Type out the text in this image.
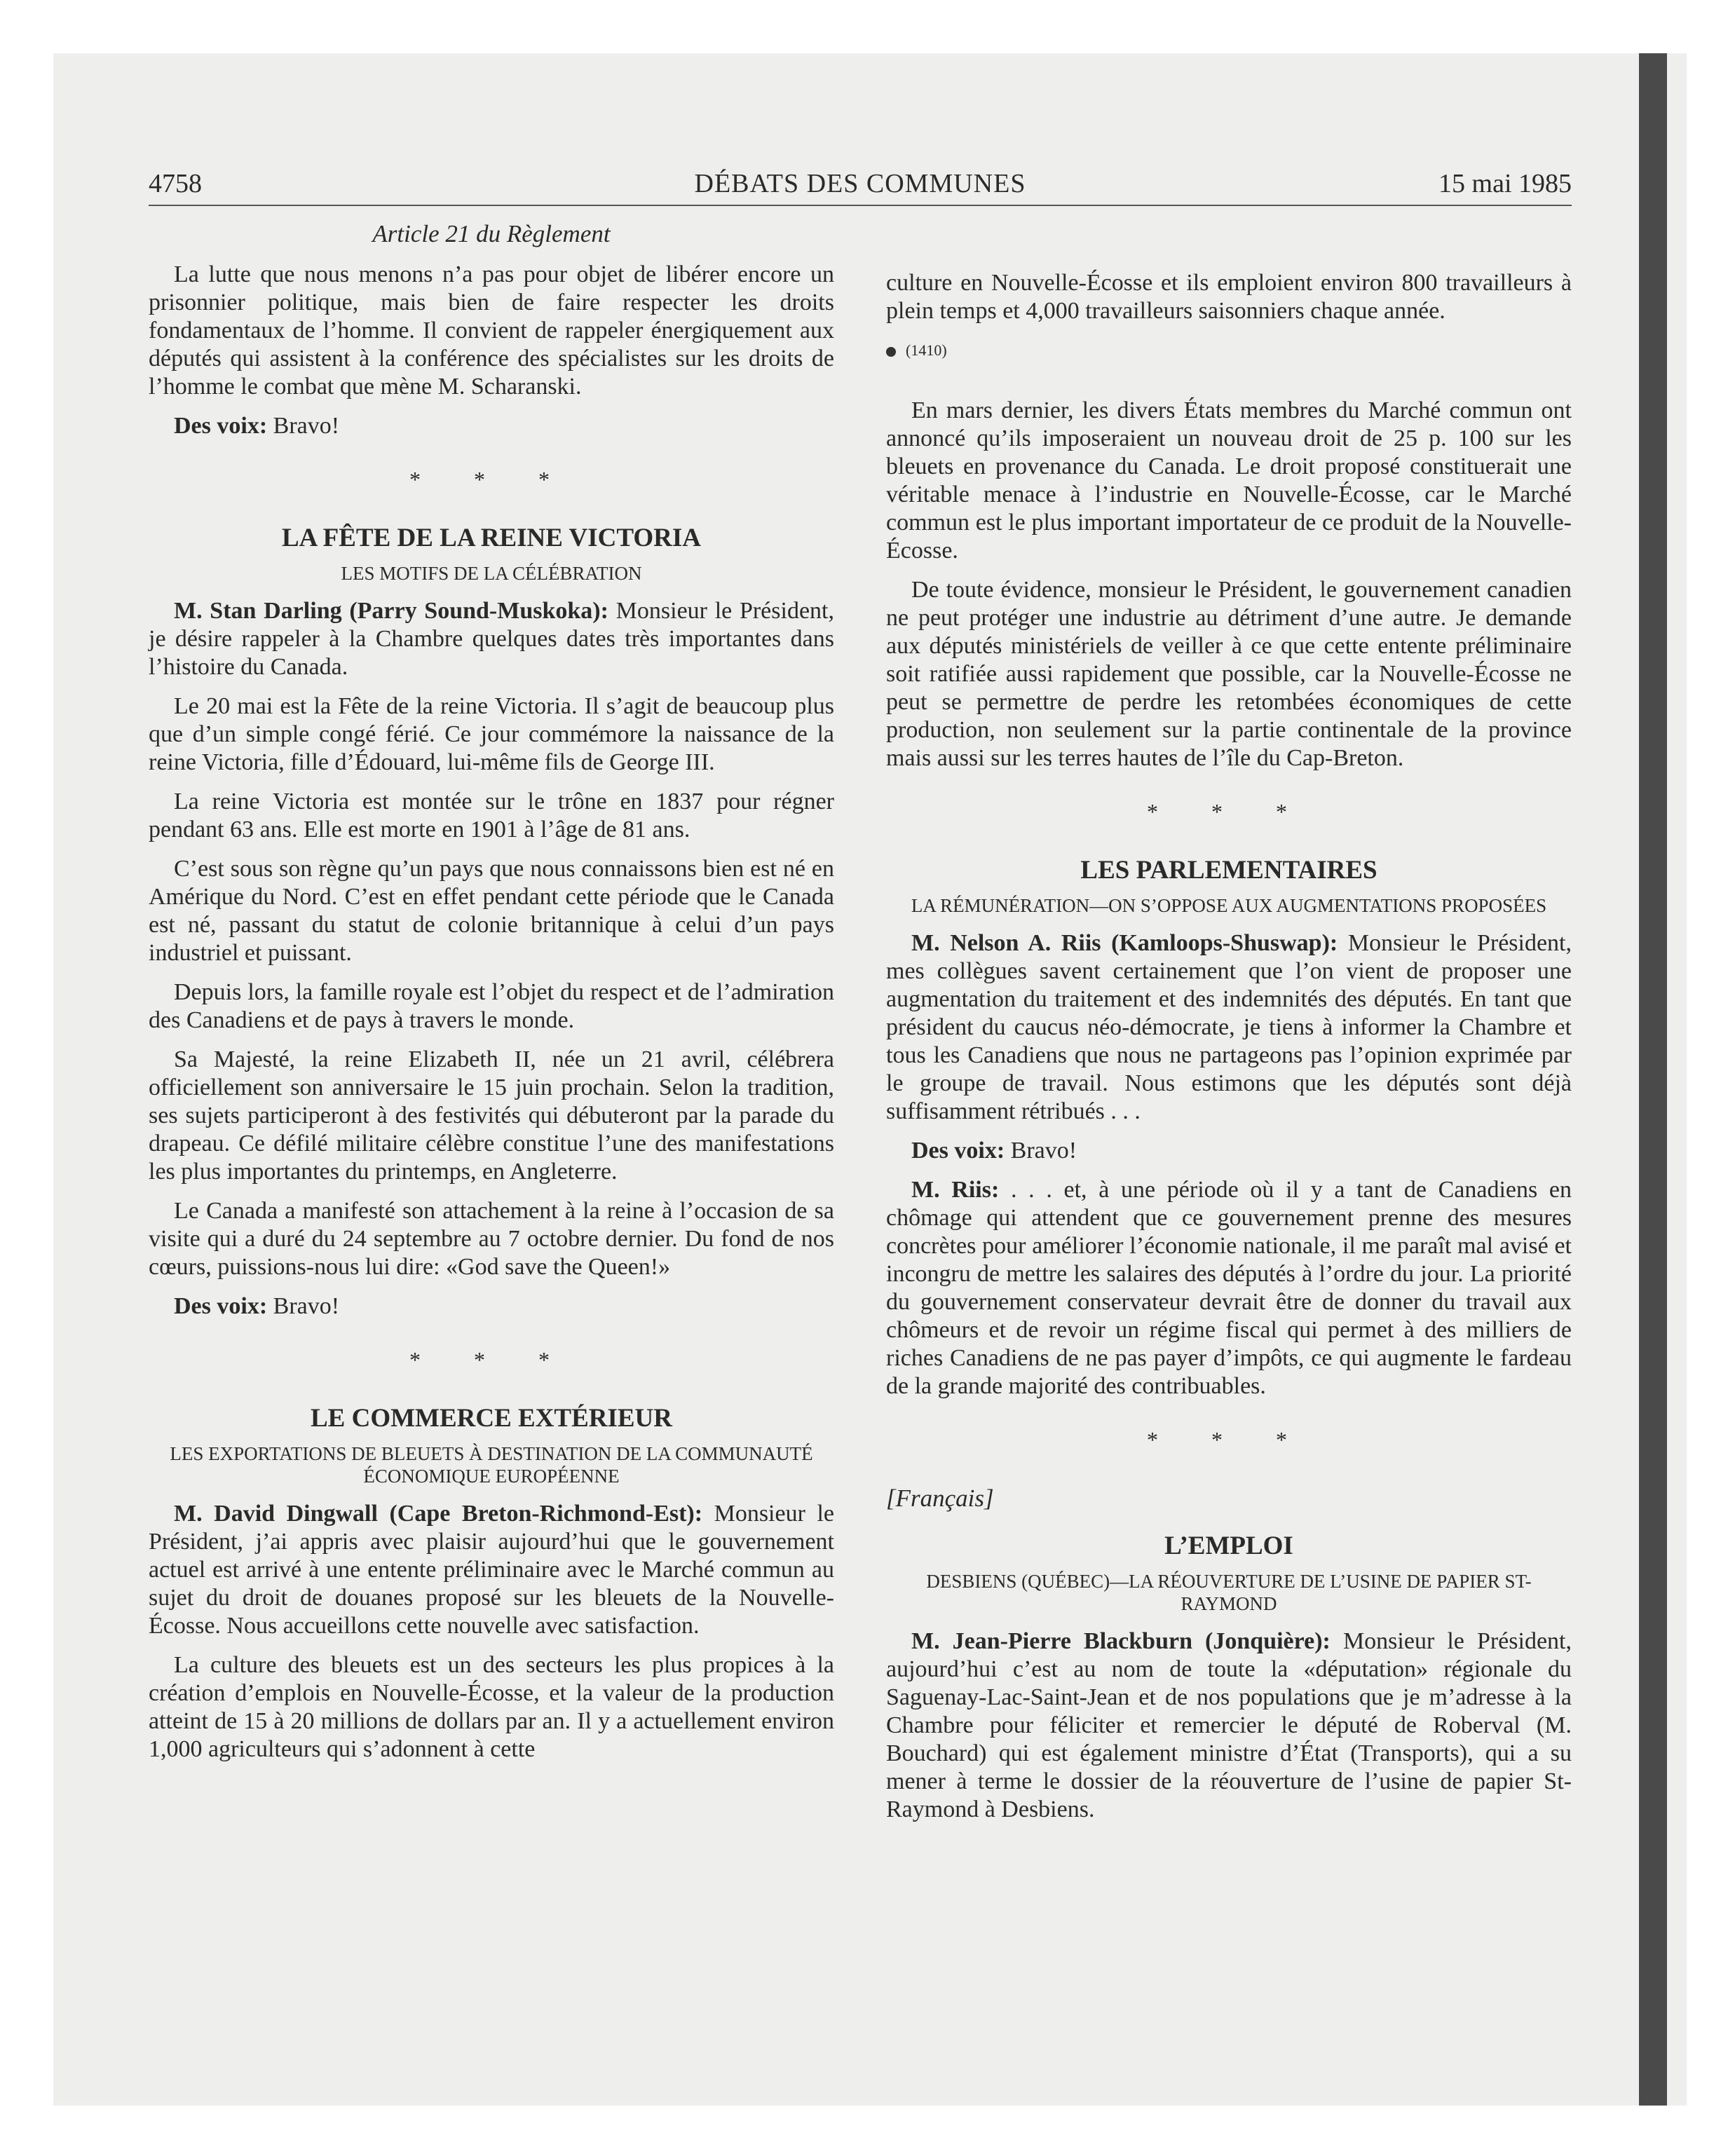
4758	DÉBATS DES COMMUNES	15 mai 1985
Article 21 du Règlement

La lutte que nous menons n’a pas pour objet de libérer encore un prisonnier politique, mais bien de faire respecter les droits fondamentaux de l’homme. Il convient de rappeler énergiquement aux députés qui assistent à la conférence des spécialistes sur les droits de l’homme le combat que mène M. Scharanski.

Des voix: Bravo!

* * *
LA FÊTE DE LA REINE VICTORIA
LES MOTIFS DE LA CÉLÉBRATION

M. Stan Darling (Parry Sound-Muskoka): Monsieur le Président, je désire rappeler à la Chambre quelques dates très importantes dans l’histoire du Canada.

Le 20 mai est la Fête de la reine Victoria. Il s’agit de beaucoup plus que d’un simple congé férié. Ce jour commémore la naissance de la reine Victoria, fille d’Édouard, lui-même fils de George III.

La reine Victoria est montée sur le trône en 1837 pour régner pendant 63 ans. Elle est morte en 1901 à l’âge de 81 ans.

C’est sous son règne qu’un pays que nous connaissons bien est né en Amérique du Nord. C’est en effet pendant cette période que le Canada est né, passant du statut de colonie britannique à celui d’un pays industriel et puissant.

Depuis lors, la famille royale est l’objet du respect et de l’admiration des Canadiens et de pays à travers le monde.

Sa Majesté, la reine Elizabeth II, née un 21 avril, célébrera officiellement son anniversaire le 15 juin prochain. Selon la tradition, ses sujets participeront à des festivités qui débuteront par la parade du drapeau. Ce défilé militaire célèbre constitue l’une des manifestations les plus importantes du printemps, en Angleterre.

Le Canada a manifesté son attachement à la reine à l’occasion de sa visite qui a duré du 24 septembre au 7 octobre dernier. Du fond de nos cœurs, puissions-nous lui dire: «God save the Queen!»

Des voix: Bravo!

* * *
LE COMMERCE EXTÉRIEUR
LES EXPORTATIONS DE BLEUETS À DESTINATION DE LA COMMUNAUTÉ ÉCONOMIQUE EUROPÉENNE

M. David Dingwall (Cape Breton-Richmond-Est): Monsieur le Président, j’ai appris avec plaisir aujourd’hui que le gouvernement actuel est arrivé à une entente préliminaire avec le Marché commun au sujet du droit de douanes proposé sur les bleuets de la Nouvelle-Écosse. Nous accueillons cette nouvelle avec satisfaction.

La culture des bleuets est un des secteurs les plus propices à la création d’emplois en Nouvelle-Écosse, et la valeur de la production atteint de 15 à 20 millions de dollars par an. Il y a actuellement environ 1,000 agriculteurs qui s’adonnent à cette

culture en Nouvelle-Écosse et ils emploient environ 800 travailleurs à plein temps et 4,000 travailleurs saisonniers chaque année.

(1410)

En mars dernier, les divers États membres du Marché commun ont annoncé qu’ils imposeraient un nouveau droit de 25 p. 100 sur les bleuets en provenance du Canada. Le droit proposé constituerait une véritable menace à l’industrie en Nouvelle-Écosse, car le Marché commun est le plus important importateur de ce produit de la Nouvelle-Écosse.

De toute évidence, monsieur le Président, le gouvernement canadien ne peut protéger une industrie au détriment d’une autre. Je demande aux députés ministériels de veiller à ce que cette entente préliminaire soit ratifiée aussi rapidement que possible, car la Nouvelle-Écosse ne peut se permettre de perdre les retombées économiques de cette production, non seulement sur la partie continentale de la province mais aussi sur les terres hautes de l’île du Cap-Breton.

* * *
LES PARLEMENTAIRES
LA RÉMUNÉRATION—ON S’OPPOSE AUX AUGMENTATIONS PROPOSÉES

M. Nelson A. Riis (Kamloops-Shuswap): Monsieur le Président, mes collègues savent certainement que l’on vient de proposer une augmentation du traitement et des indemnités des députés. En tant que président du caucus néo-démocrate, je tiens à informer la Chambre et tous les Canadiens que nous ne partageons pas l’opinion exprimée par le groupe de travail. Nous estimons que les députés sont déjà suffisamment rétribués . . .

Des voix: Bravo!

M. Riis: . . . et, à une période où il y a tant de Canadiens en chômage qui attendent que ce gouvernement prenne des mesures concrètes pour améliorer l’économie nationale, il me paraît mal avisé et incongru de mettre les salaires des députés à l’ordre du jour. La priorité du gouvernement conservateur devrait être de donner du travail aux chômeurs et de revoir un régime fiscal qui permet à des milliers de riches Canadiens de ne pas payer d’impôts, ce qui augmente le fardeau de la grande majorité des contribuables.

* * *
[Français]
L’EMPLOI
DESBIENS (QUÉBEC)—LA RÉOUVERTURE DE L’USINE DE PAPIER ST-RAYMOND

M. Jean-Pierre Blackburn (Jonquière): Monsieur le Président, aujourd’hui c’est au nom de toute la «députation» régionale du Saguenay-Lac-Saint-Jean et de nos populations que je m’adresse à la Chambre pour féliciter et remercier le député de Roberval (M. Bouchard) qui est également ministre d’État (Transports), qui a su mener à terme le dossier de la réouverture de l’usine de papier St-Raymond à Desbiens.
